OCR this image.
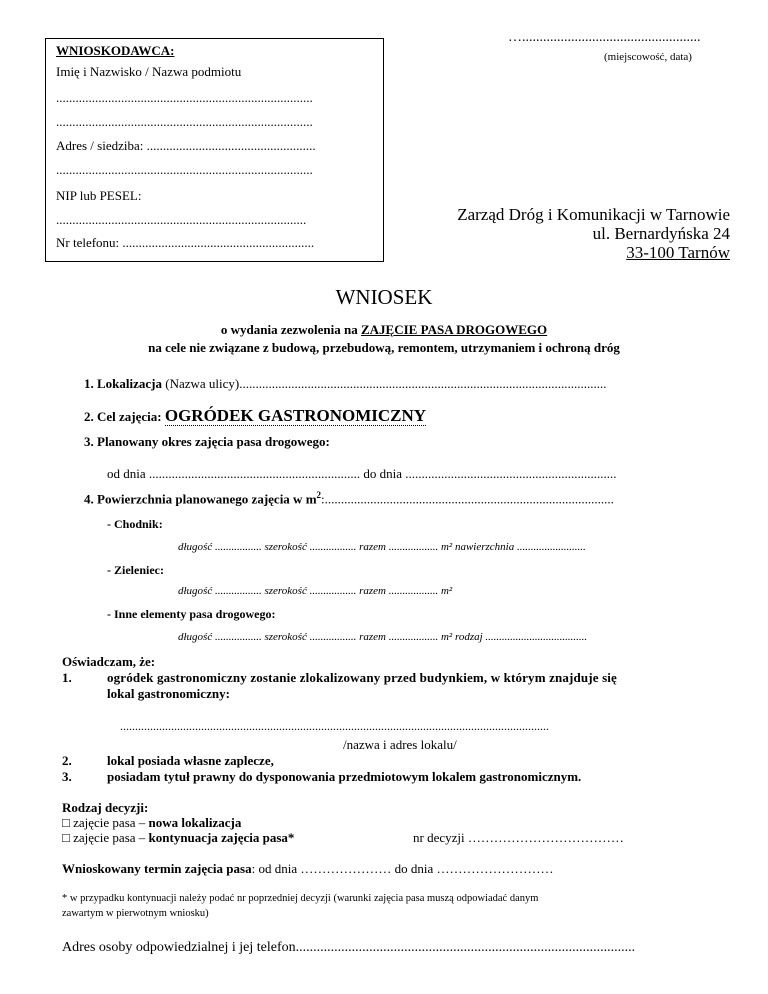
…...................................................
(miejscowość, data)
WNIOSKODAWCA:
Imię i Nazwisko / Nazwa podmiotu
...............................................................................
...............................................................................
Adres / siedziba: ....................................................
...............................................................................
NIP lub PESEL:
.............................................................................
Nr telefonu: ...........................................................
Zarząd Dróg i Komunikacji w Tarnowie
ul. Bernardyńska 24
33-100 Tarnów
WNIOSEK
o wydania zezwolenia na ZAJĘCIE PASA DROGOWEGO
na cele nie związane z budową, przebudową, remontem, utrzymaniem i ochroną dróg
1. Lokalizacja (Nazwa ulicy).................................................................................................................
2. Cel zajęcia: OGRÓDEK GASTRONOMICZNY
3. Planowany okres zajęcia pasa drogowego:
od dnia ................................................................. do dnia .................................................................
4. Powierzchnia planowanego zajęcia w $m^2$:.........................................................................................
- Chodnik:
długość ................. szerokość ................. razem .................. m² nawierzchnia .........................
- Zieleniec:
długość ................. szerokość ................. razem .................. m²
- Inne elementy pasa drogowego:
długość ................. szerokość ................. razem .................. m² rodzaj .....................................
Oświadczam, że:
1.	ogródek gastronomiczny zostanie zlokalizowany przed budynkiem, w którym znajduje się
lokal gastronomiczny:
...............................................................................................................................................
/nazwa i adres lokalu/
2.	lokal posiada własne zaplecze,
3.	posiadam tytuł prawny do dysponowania przedmiotowym lokalem gastronomicznym.
Rodzaj decyzji:
□ zajęcie pasa – nowa lokalizacja
□ zajęcie pasa – kontynuacja zajęcia pasa*	nr decyzji ………………………………
Wnioskowany termin zajęcia pasa: od dnia ………………… do dnia ………………………
* w przypadku kontynuacji należy podać nr poprzedniej decyzji (warunki zajęcia pasa muszą odpowiadać danym
zawartym w pierwotnym wniosku)
Adres osoby odpowiedzialnej i jej telefon.................................................................................................
